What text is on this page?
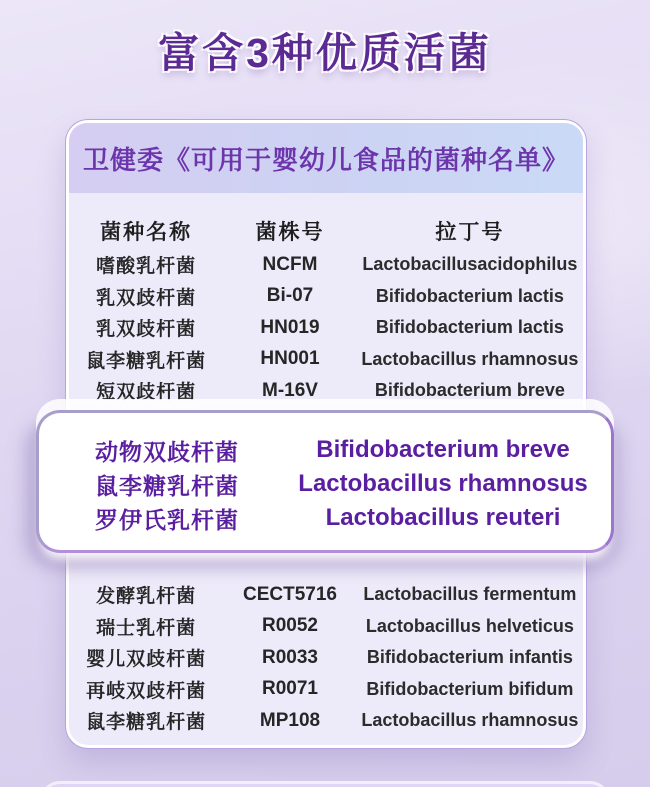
富含3种优质活菌
卫健委《可用于婴幼儿食品的菌种名单》
菌种名称	菌株号	拉丁号
嗜酸乳杆菌	NCFM	Lactobacillusacidophilus
乳双歧杆菌	Bi-07	Bifidobacterium lactis
乳双歧杆菌	HN019	Bifidobacterium lactis
鼠李糖乳杆菌	HN001	Lactobacillus rhamnosus
短双歧杆菌	M-16V	Bifidobacterium breve
发酵乳杆菌	CECT5716	Lactobacillus fermentum
瑞士乳杆菌	R0052	Lactobacillus helveticus
婴儿双歧杆菌	R0033	Bifidobacterium infantis
再岐双歧杆菌	R0071	Bifidobacterium bifidum
鼠李糖乳杆菌	MP108	Lactobacillus rhamnosus
动物双歧杆菌	Bifidobacterium breve
鼠李糖乳杆菌	Lactobacillus rhamnosus
罗伊氏乳杆菌	Lactobacillus reuteri
